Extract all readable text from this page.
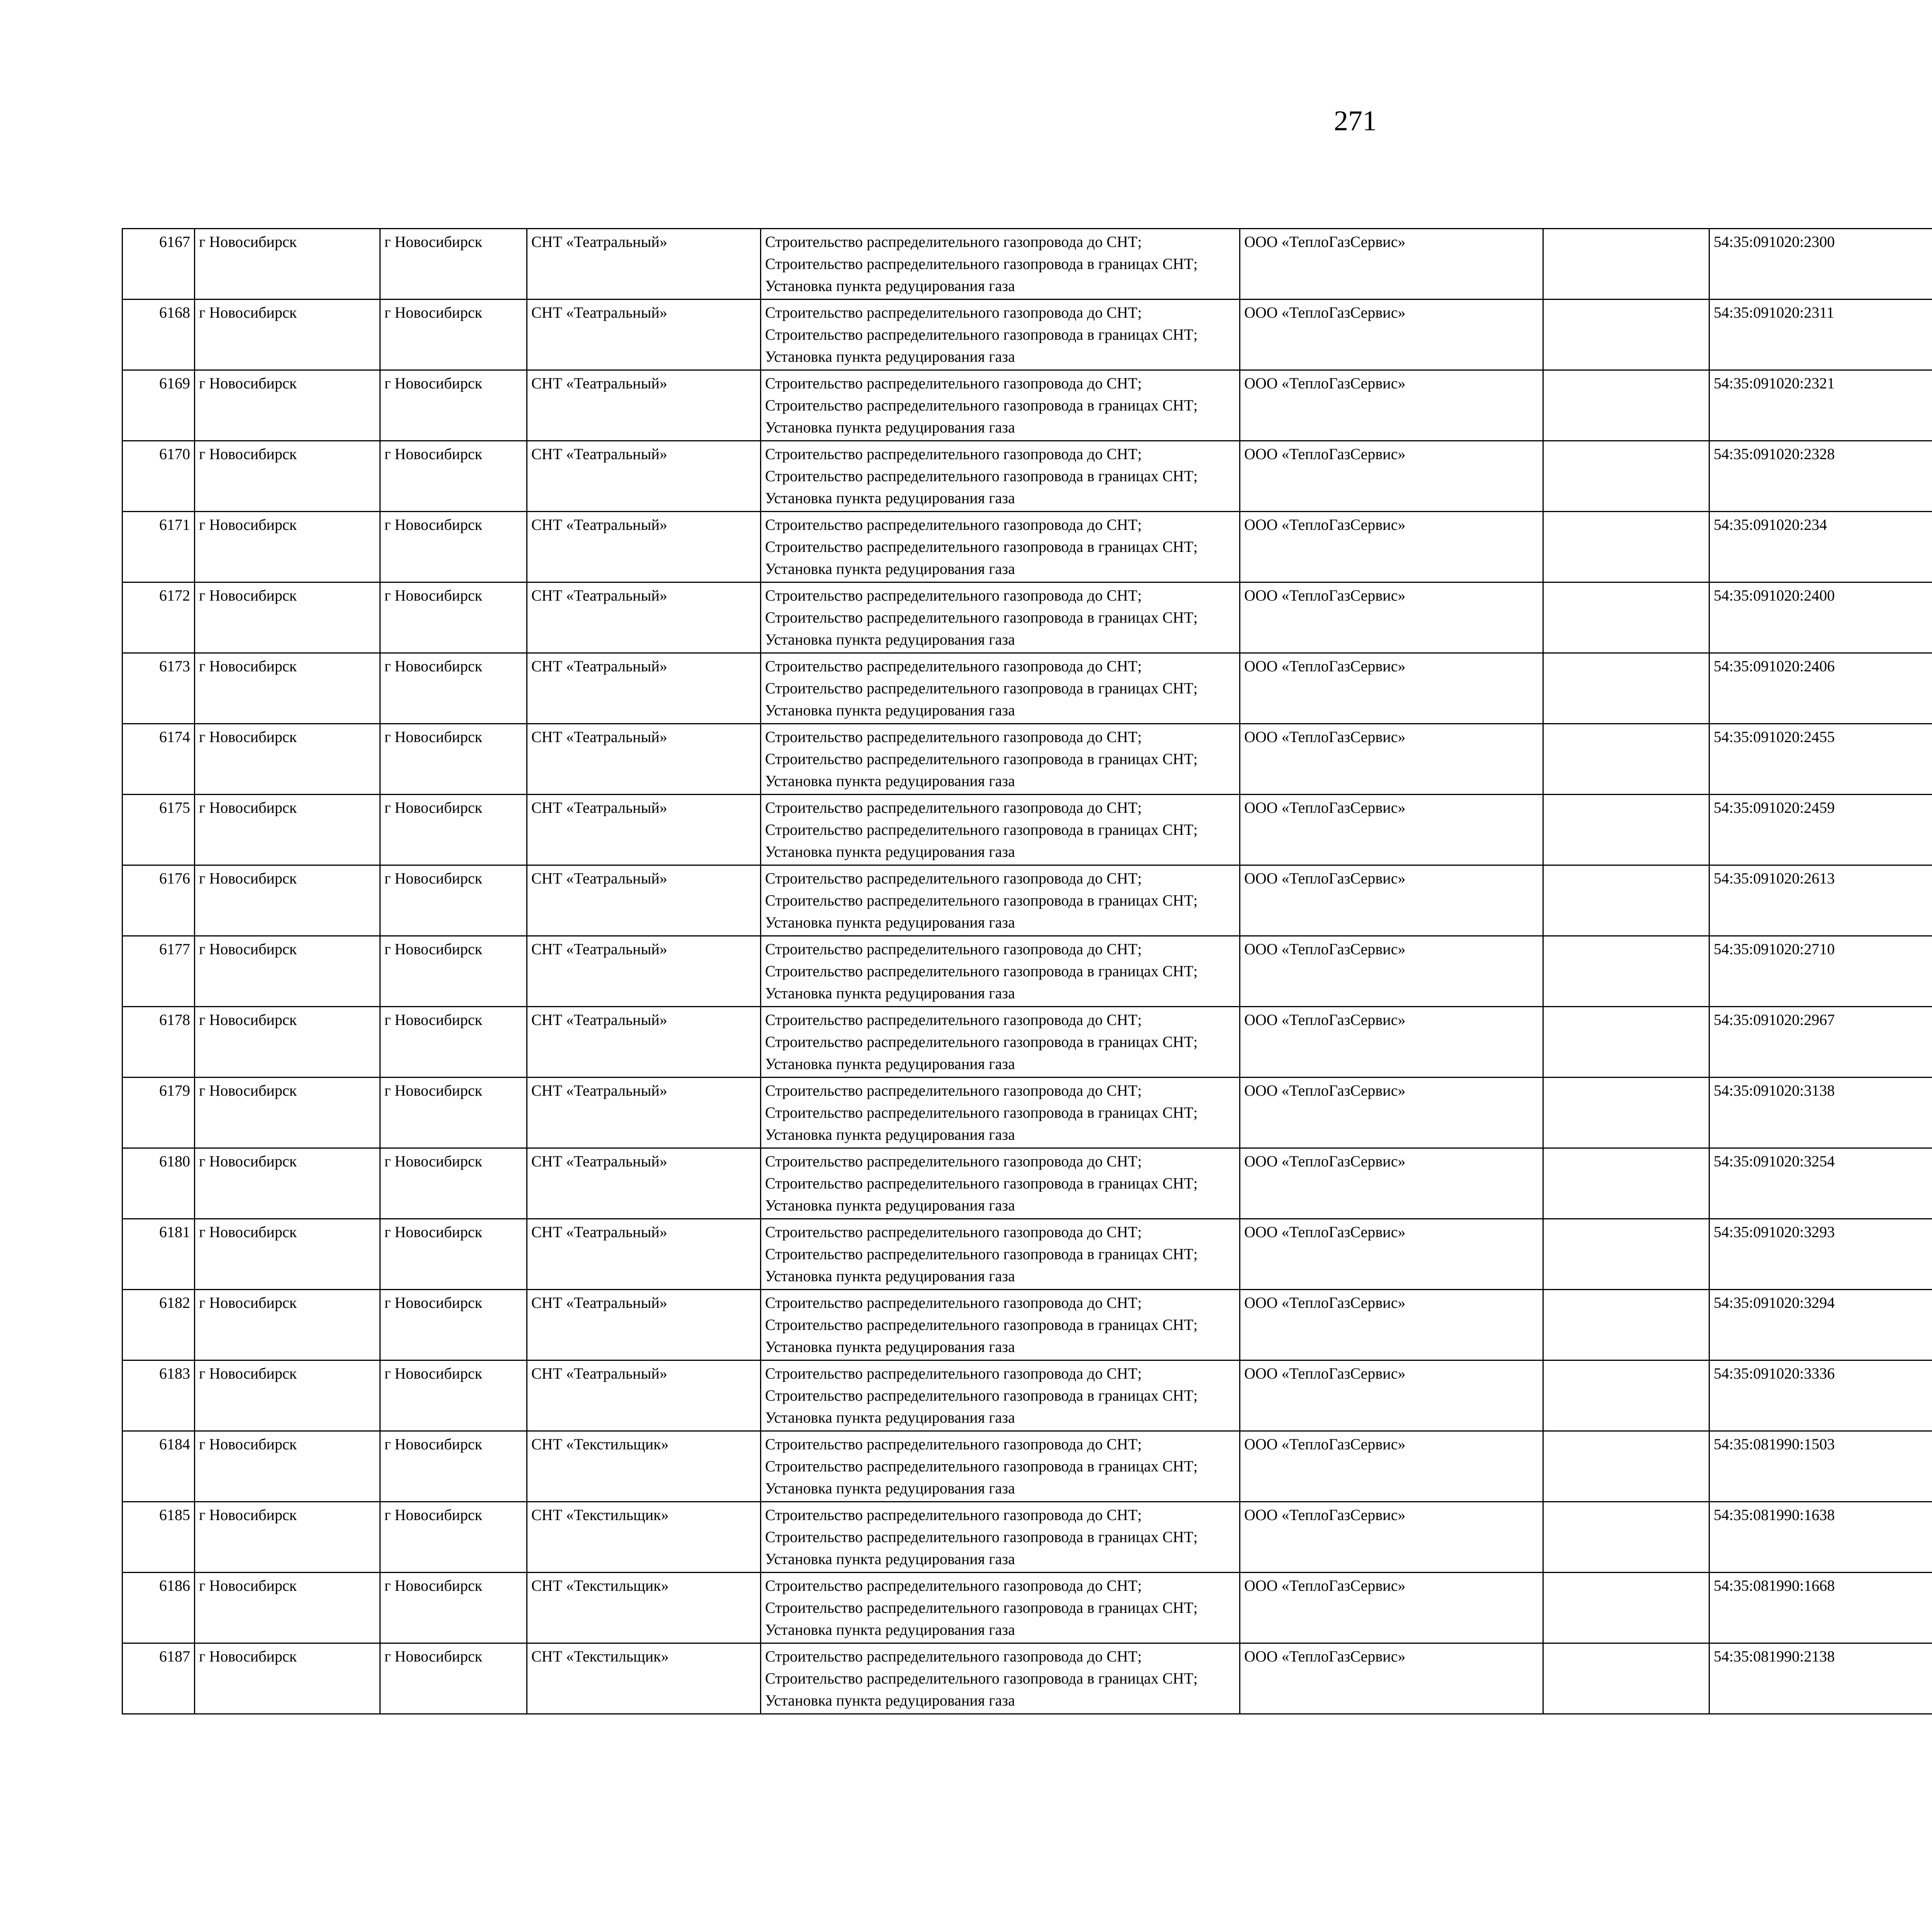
271
6167	г Новосибирск	г Новосибирск	СНТ «Театральный»	Строительство распределительного газопровода до СНТ; Строительство распределительного газопровода в границах СНТ; Установка пункта редуцирования газа	ООО «ТеплоГазСервис»		54:35:091020:2300					
6168	г Новосибирск	г Новосибирск	СНТ «Театральный»	Строительство распределительного газопровода до СНТ; Строительство распределительного газопровода в границах СНТ; Установка пункта редуцирования газа	ООО «ТеплоГазСервис»		54:35:091020:2311					
6169	г Новосибирск	г Новосибирск	СНТ «Театральный»	Строительство распределительного газопровода до СНТ; Строительство распределительного газопровода в границах СНТ; Установка пункта редуцирования газа	ООО «ТеплоГазСервис»		54:35:091020:2321					
6170	г Новосибирск	г Новосибирск	СНТ «Театральный»	Строительство распределительного газопровода до СНТ; Строительство распределительного газопровода в границах СНТ; Установка пункта редуцирования газа	ООО «ТеплоГазСервис»		54:35:091020:2328					
6171	г Новосибирск	г Новосибирск	СНТ «Театральный»	Строительство распределительного газопровода до СНТ; Строительство распределительного газопровода в границах СНТ; Установка пункта редуцирования газа	ООО «ТеплоГазСервис»		54:35:091020:234					
6172	г Новосибирск	г Новосибирск	СНТ «Театральный»	Строительство распределительного газопровода до СНТ; Строительство распределительного газопровода в границах СНТ; Установка пункта редуцирования газа	ООО «ТеплоГазСервис»		54:35:091020:2400					
6173	г Новосибирск	г Новосибирск	СНТ «Театральный»	Строительство распределительного газопровода до СНТ; Строительство распределительного газопровода в границах СНТ; Установка пункта редуцирования газа	ООО «ТеплоГазСервис»		54:35:091020:2406					
6174	г Новосибирск	г Новосибирск	СНТ «Театральный»	Строительство распределительного газопровода до СНТ; Строительство распределительного газопровода в границах СНТ; Установка пункта редуцирования газа	ООО «ТеплоГазСервис»		54:35:091020:2455					
6175	г Новосибирск	г Новосибирск	СНТ «Театральный»	Строительство распределительного газопровода до СНТ; Строительство распределительного газопровода в границах СНТ; Установка пункта редуцирования газа	ООО «ТеплоГазСервис»		54:35:091020:2459					
6176	г Новосибирск	г Новосибирск	СНТ «Театральный»	Строительство распределительного газопровода до СНТ; Строительство распределительного газопровода в границах СНТ; Установка пункта редуцирования газа	ООО «ТеплоГазСервис»		54:35:091020:2613					
6177	г Новосибирск	г Новосибирск	СНТ «Театральный»	Строительство распределительного газопровода до СНТ; Строительство распределительного газопровода в границах СНТ; Установка пункта редуцирования газа	ООО «ТеплоГазСервис»		54:35:091020:2710					
6178	г Новосибирск	г Новосибирск	СНТ «Театральный»	Строительство распределительного газопровода до СНТ; Строительство распределительного газопровода в границах СНТ; Установка пункта редуцирования газа	ООО «ТеплоГазСервис»		54:35:091020:2967					
6179	г Новосибирск	г Новосибирск	СНТ «Театральный»	Строительство распределительного газопровода до СНТ; Строительство распределительного газопровода в границах СНТ; Установка пункта редуцирования газа	ООО «ТеплоГазСервис»		54:35:091020:3138					
6180	г Новосибирск	г Новосибирск	СНТ «Театральный»	Строительство распределительного газопровода до СНТ; Строительство распределительного газопровода в границах СНТ; Установка пункта редуцирования газа	ООО «ТеплоГазСервис»		54:35:091020:3254					
6181	г Новосибирск	г Новосибирск	СНТ «Театральный»	Строительство распределительного газопровода до СНТ; Строительство распределительного газопровода в границах СНТ; Установка пункта редуцирования газа	ООО «ТеплоГазСервис»		54:35:091020:3293					
6182	г Новосибирск	г Новосибирск	СНТ «Театральный»	Строительство распределительного газопровода до СНТ; Строительство распределительного газопровода в границах СНТ; Установка пункта редуцирования газа	ООО «ТеплоГазСервис»		54:35:091020:3294					
6183	г Новосибирск	г Новосибирск	СНТ «Театральный»	Строительство распределительного газопровода до СНТ; Строительство распределительного газопровода в границах СНТ; Установка пункта редуцирования газа	ООО «ТеплоГазСервис»		54:35:091020:3336					
6184	г Новосибирск	г Новосибирск	СНТ «Текстильщик»	Строительство распределительного газопровода до СНТ; Строительство распределительного газопровода в границах СНТ; Установка пункта редуцирования газа	ООО «ТеплоГазСервис»		54:35:081990:1503					
6185	г Новосибирск	г Новосибирск	СНТ «Текстильщик»	Строительство распределительного газопровода до СНТ; Строительство распределительного газопровода в границах СНТ; Установка пункта редуцирования газа	ООО «ТеплоГазСервис»		54:35:081990:1638					
6186	г Новосибирск	г Новосибирск	СНТ «Текстильщик»	Строительство распределительного газопровода до СНТ; Строительство распределительного газопровода в границах СНТ; Установка пункта редуцирования газа	ООО «ТеплоГазСервис»		54:35:081990:1668					
6187	г Новосибирск	г Новосибирск	СНТ «Текстильщик»	Строительство распределительного газопровода до СНТ; Строительство распределительного газопровода в границах СНТ; Установка пункта редуцирования газа	ООО «ТеплоГазСервис»		54:35:081990:2138					
